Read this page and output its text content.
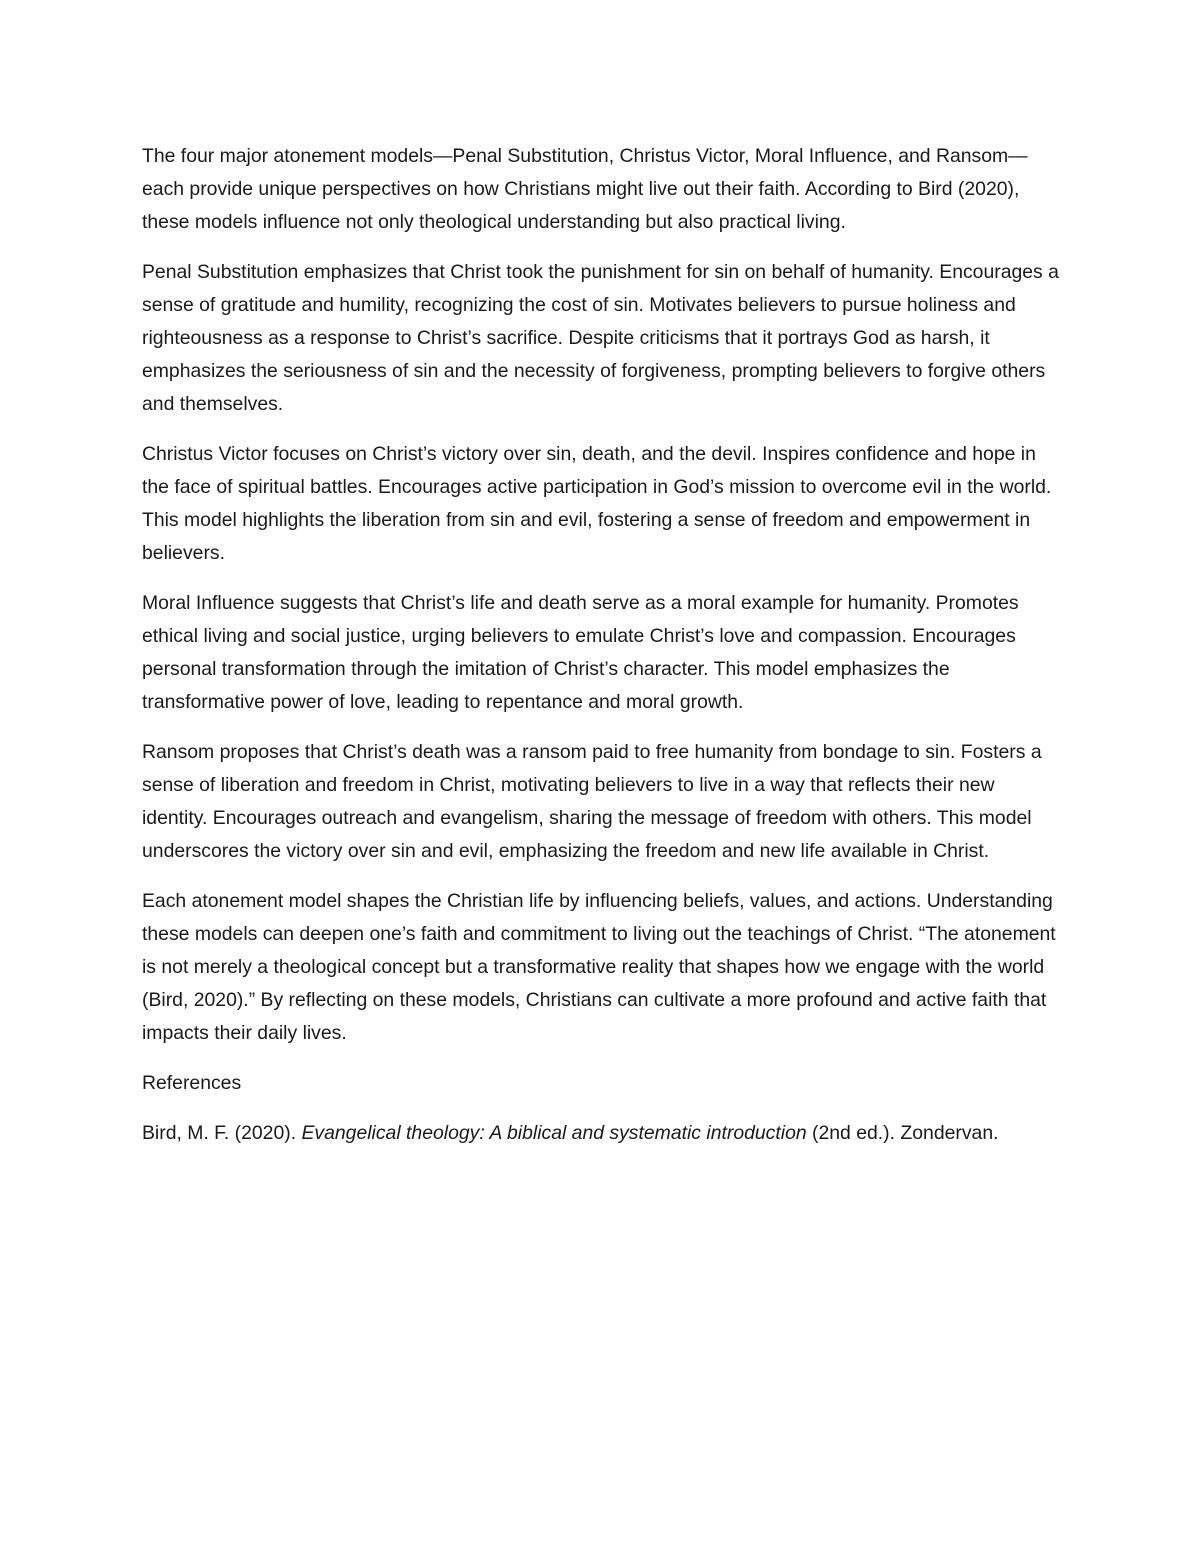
The four major atonement models—Penal Substitution, Christus Victor, Moral Influence, and Ransom—each provide unique perspectives on how Christians might live out their faith. According to Bird (2020), these models influence not only theological understanding but also practical living.

Penal Substitution emphasizes that Christ took the punishment for sin on behalf of humanity. Encourages a sense of gratitude and humility, recognizing the cost of sin. Motivates believers to pursue holiness and righteousness as a response to Christ’s sacrifice. Despite criticisms that it portrays God as harsh, it emphasizes the seriousness of sin and the necessity of forgiveness, prompting believers to forgive others and themselves.

Christus Victor focuses on Christ’s victory over sin, death, and the devil. Inspires confidence and hope in the face of spiritual battles. Encourages active participation in God’s mission to overcome evil in the world. This model highlights the liberation from sin and evil, fostering a sense of freedom and empowerment in believers.

Moral Influence suggests that Christ’s life and death serve as a moral example for humanity. Promotes ethical living and social justice, urging believers to emulate Christ’s love and compassion. Encourages personal transformation through the imitation of Christ’s character. This model emphasizes the transformative power of love, leading to repentance and moral growth.

Ransom proposes that Christ’s death was a ransom paid to free humanity from bondage to sin. Fosters a sense of liberation and freedom in Christ, motivating believers to live in a way that reflects their new identity. Encourages outreach and evangelism, sharing the message of freedom with others. This model underscores the victory over sin and evil, emphasizing the freedom and new life available in Christ.

Each atonement model shapes the Christian life by influencing beliefs, values, and actions. Understanding these models can deepen one’s faith and commitment to living out the teachings of Christ. “The atonement is not merely a theological concept but a transformative reality that shapes how we engage with the world (Bird, 2020).” By reflecting on these models, Christians can cultivate a more profound and active faith that impacts their daily lives.

References

Bird, M. F. (2020). Evangelical theology: A biblical and systematic introduction (2nd ed.). Zondervan.
